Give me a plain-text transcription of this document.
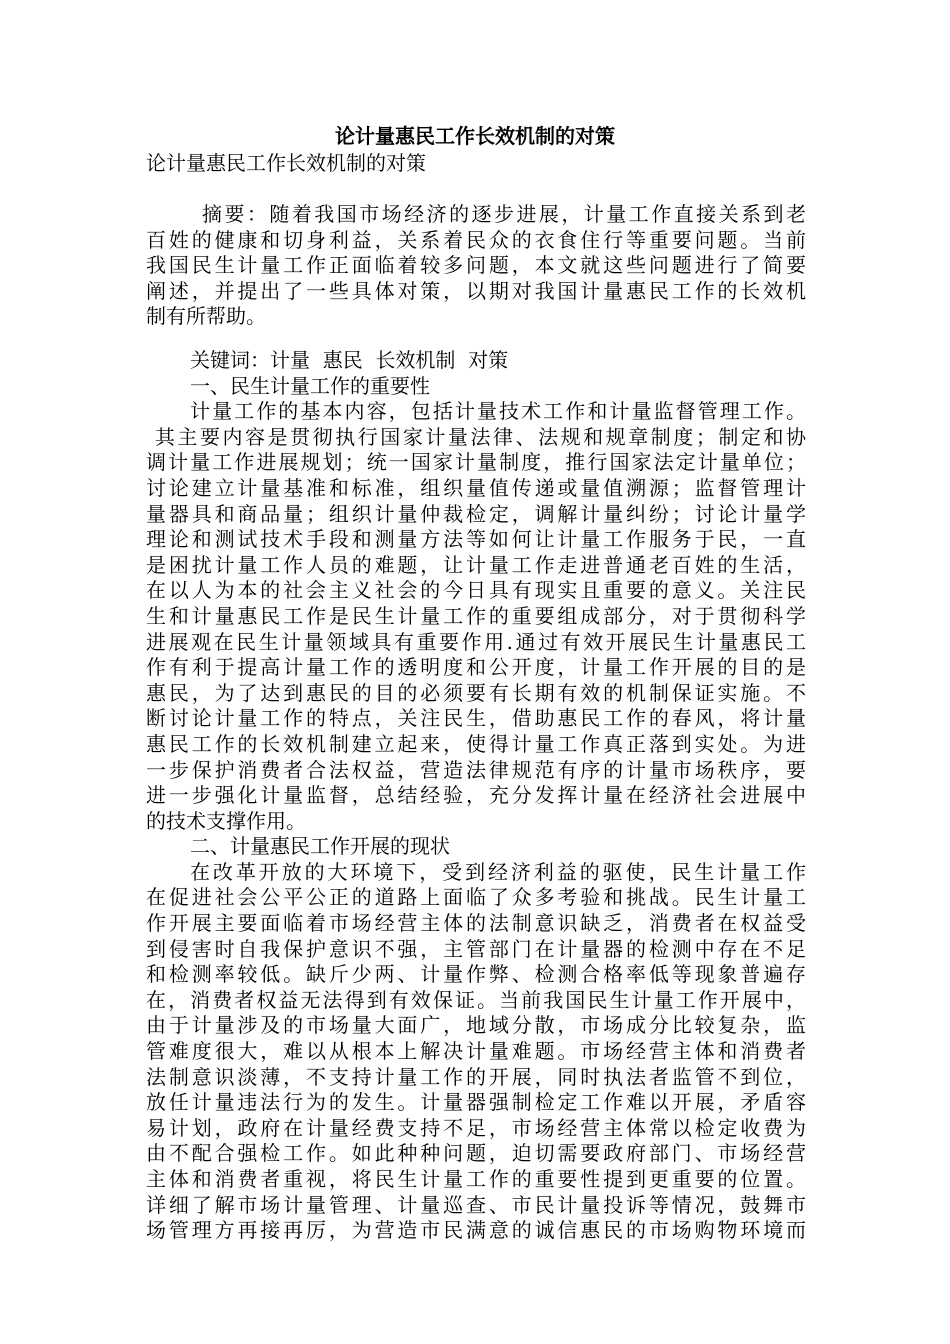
论计量惠民工作长效机制的对策
论计量惠民工作长效机制的对策
摘要：随着我国市场经济的逐步进展，计量工作直接关系到老
百姓的健康和切身利益，关系着民众的衣食住行等重要问题。当前
我国民生计量工作正面临着较多问题，本文就这些问题进行了简要
阐述，并提出了一些具体对策，以期对我国计量惠民工作的长效机
制有所帮助。
关键词：计量  惠民  长效机制  对策
一、民生计量工作的重要性
计量工作的基本内容，包括计量技术工作和计量监督管理工作。
其主要内容是贯彻执行国家计量法律、法规和规章制度；制定和协
调计量工作进展规划；统一国家计量制度，推行国家法定计量单位；
讨论建立计量基准和标准，组织量值传递或量值溯源；监督管理计
量器具和商品量；组织计量仲裁检定，调解计量纠纷；讨论计量学
理论和测试技术手段和测量方法等如何让计量工作服务于民，一直
是困扰计量工作人员的难题，让计量工作走进普通老百姓的生活，
在以人为本的社会主义社会的今日具有现实且重要的意义。关注民
生和计量惠民工作是民生计量工作的重要组成部分，对于贯彻科学
进展观在民生计量领域具有重要作用.通过有效开展民生计量惠民工
作有利于提高计量工作的透明度和公开度，计量工作开展的目的是
惠民，为了达到惠民的目的必须要有长期有效的机制保证实施。不
断讨论计量工作的特点，关注民生，借助惠民工作的春风，将计量
惠民工作的长效机制建立起来，使得计量工作真正落到实处。为进
一步保护消费者合法权益，营造法律规范有序的计量市场秩序，要
进一步强化计量监督，总结经验，充分发挥计量在经济社会进展中
的技术支撑作用。
二、计量惠民工作开展的现状
在改革开放的大环境下，受到经济利益的驱使，民生计量工作
在促进社会公平公正的道路上面临了众多考验和挑战。民生计量工
作开展主要面临着市场经营主体的法制意识缺乏，消费者在权益受
到侵害时自我保护意识不强，主管部门在计量器的检测中存在不足
和检测率较低。缺斤少两、计量作弊、检测合格率低等现象普遍存
在，消费者权益无法得到有效保证。当前我国民生计量工作开展中，
由于计量涉及的市场量大面广，地域分散，市场成分比较复杂，监
管难度很大，难以从根本上解决计量难题。市场经营主体和消费者
法制意识淡薄，不支持计量工作的开展，同时执法者监管不到位，
放任计量违法行为的发生。计量器强制检定工作难以开展，矛盾容
易计划，政府在计量经费支持不足，市场经营主体常以检定收费为
由不配合强检工作。如此种种问题，迫切需要政府部门、市场经营
主体和消费者重视，将民生计量工作的重要性提到更重要的位置。
详细了解市场计量管理、计量巡查、市民计量投诉等情况，鼓舞市
场管理方再接再厉，为营造市民满意的诚信惠民的市场购物环境而
